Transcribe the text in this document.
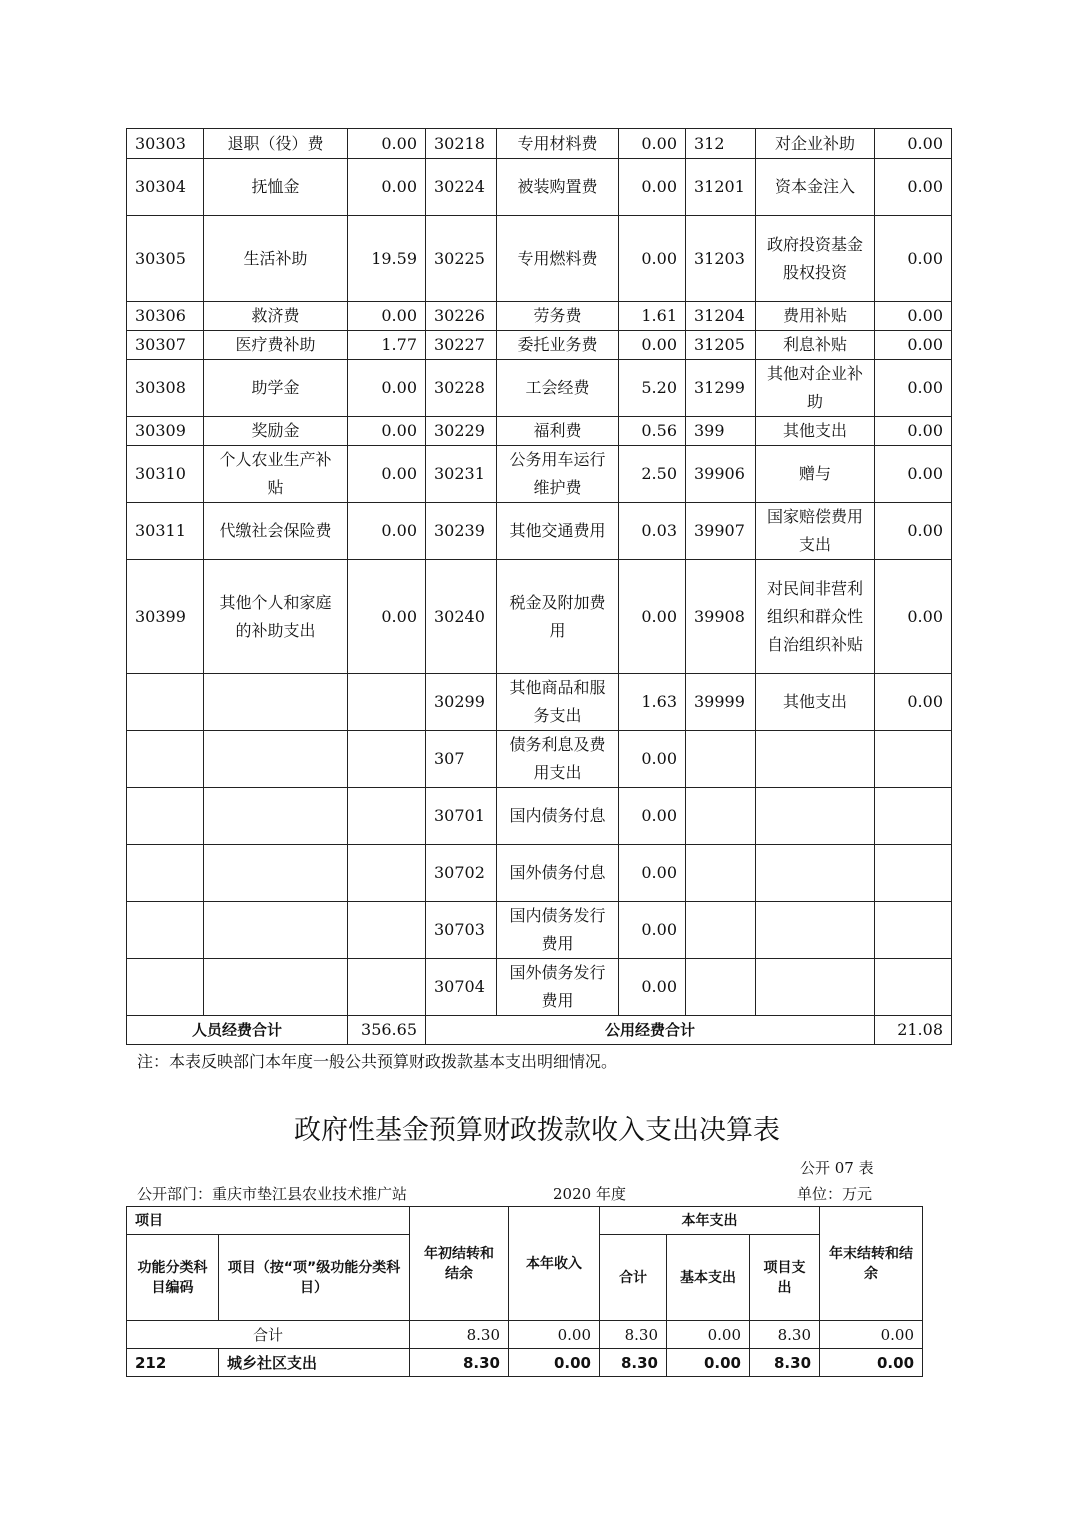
30303	退职（役）费	0.00	30218	专用材料费	0.00	312	对企业补助	0.00
30304	抚恤金	0.00	30224	被装购置费	0.00	31201	资本金注入	0.00
30305	生活补助	19.59	30225	专用燃料费	0.00	31203	政府投资基金股权投资	0.00
30306	救济费	0.00	30226	劳务费	1.61	31204	费用补贴	0.00
30307	医疗费补助	1.77	30227	委托业务费	0.00	31205	利息补贴	0.00
30308	助学金	0.00	30228	工会经费	5.20	31299	其他对企业补助	0.00
30309	奖励金	0.00	30229	福利费	0.56	399	其他支出	0.00
30310	个人农业生产补贴	0.00	30231	公务用车运行维护费	2.50	39906	赠与	0.00
30311	代缴社会保险费	0.00	30239	其他交通费用	0.03	39907	国家赔偿费用支出	0.00
30399	其他个人和家庭的补助支出	0.00	30240	税金及附加费用	0.00	39908	对民间非营利组织和群众性自治组织补贴	0.00
			30299	其他商品和服务支出	1.63	39999	其他支出	0.00
			307	债务利息及费用支出	0.00			
			30701	国内债务付息	0.00			
			30702	国外债务付息	0.00			
			30703	国内债务发行费用	0.00			
			30704	国外债务发行费用	0.00			
人员经费合计		356.65	公用经费合计					21.08
注：本表反映部门本年度一般公共预算财政拨款基本支出明细情况。
政府性基金预算财政拨款收入支出决算表
公开 07 表
公开部门：重庆市垫江县农业技术推广站	2020 年度	单位：万元
项目		年初结转和结余	本年收入	本年支出			年末结转和结余
功能分类科目编码	项目（按“项”级功能分类科目）			合计	基本支出	项目支出	

合计		8.30	0.00	8.30	0.00	8.30	0.00
212	城乡社区支出	8.30	0.00	8.30	0.00	8.30	0.00
